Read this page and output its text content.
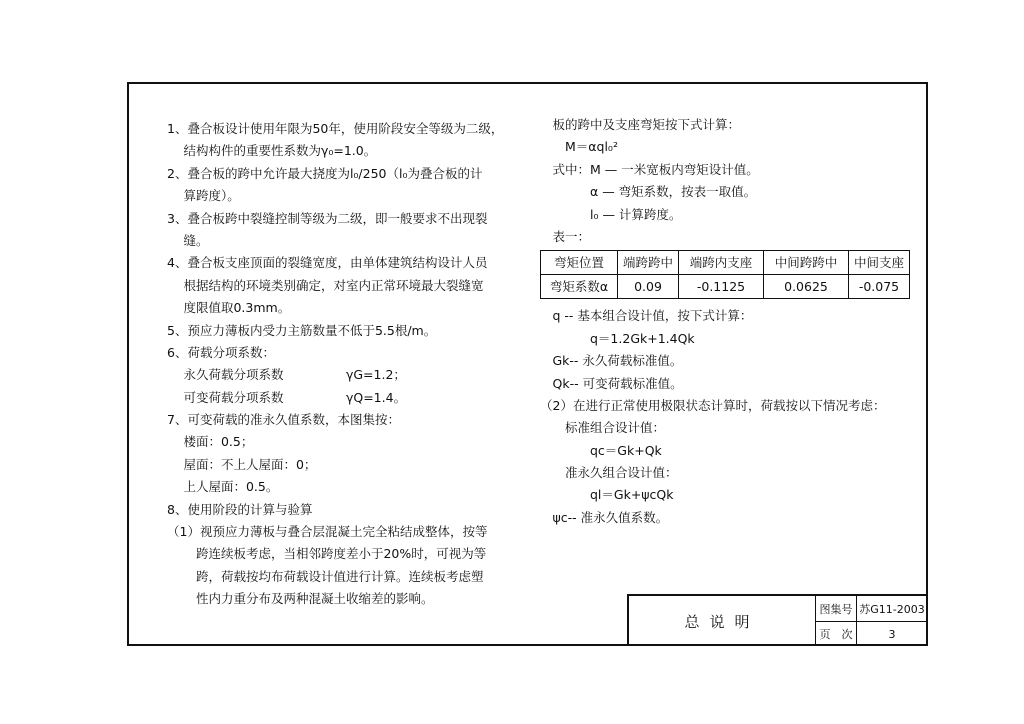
1、叠合板设计使用年限为50年，使用阶段安全等级为二级，
　 结构构件的重要性系数为γ₀=1.0。
2、叠合板的跨中允许最大挠度为l₀/250（l₀为叠合板的计
　 算跨度）。
3、叠合板跨中裂缝控制等级为二级，即一般要求不出现裂
　 缝。
4、叠合板支座顶面的裂缝宽度，由单体建筑结构设计人员
　 根据结构的环境类别确定，对室内正常环境最大裂缝宽
　 度限值取0.3mm。
5、预应力薄板内受力主筋数量不低于5.5根/m。
6、荷载分项系数：
　 永久荷载分项系数　　　　　γG=1.2；
　 可变荷载分项系数　　　　　γQ=1.4。
7、可变荷载的准永久值系数，本图集按：
　 楼面：0.5；
　 屋面：不上人屋面：0；
　 上人屋面：0.5。
8、使用阶段的计算与验算
（1）视预应力薄板与叠合层混凝土完全粘结成整体，按等
　　 跨连续板考虑，当相邻跨度差小于20%时，可视为等
　　 跨，荷载按均布荷载设计值进行计算。连续板考虑塑
　　 性内力重分布及两种混凝土收缩差的影响。
　板的跨中及支座弯矩按下式计算：
　　M＝αql₀²
　式中：M — 一米宽板内弯矩设计值。
　　　　α — 弯矩系数，按表一取值。
　　　　l₀ — 计算跨度。
　表一：
弯矩位置	端跨跨中	端跨内支座	中间跨跨中	中间支座
弯矩系数α	0.09	-0.1125	0.0625	-0.075
　q -- 基本组合设计值，按下式计算：
　　　　q＝1.2Gk+1.4Qk
　Gk-- 永久荷载标准值。
　Qk-- 可变荷载标准值。
（2）在进行正常使用极限状态计算时，荷载按以下情况考虑：
　　标准组合设计值：
　　　　qc＝Gk+Qk
　　准永久组合设计值：
　　　　ql＝Gk+ψcQk
　ψc-- 准永久值系数。
总说明
图集号 苏G11-2003
页　次	3
